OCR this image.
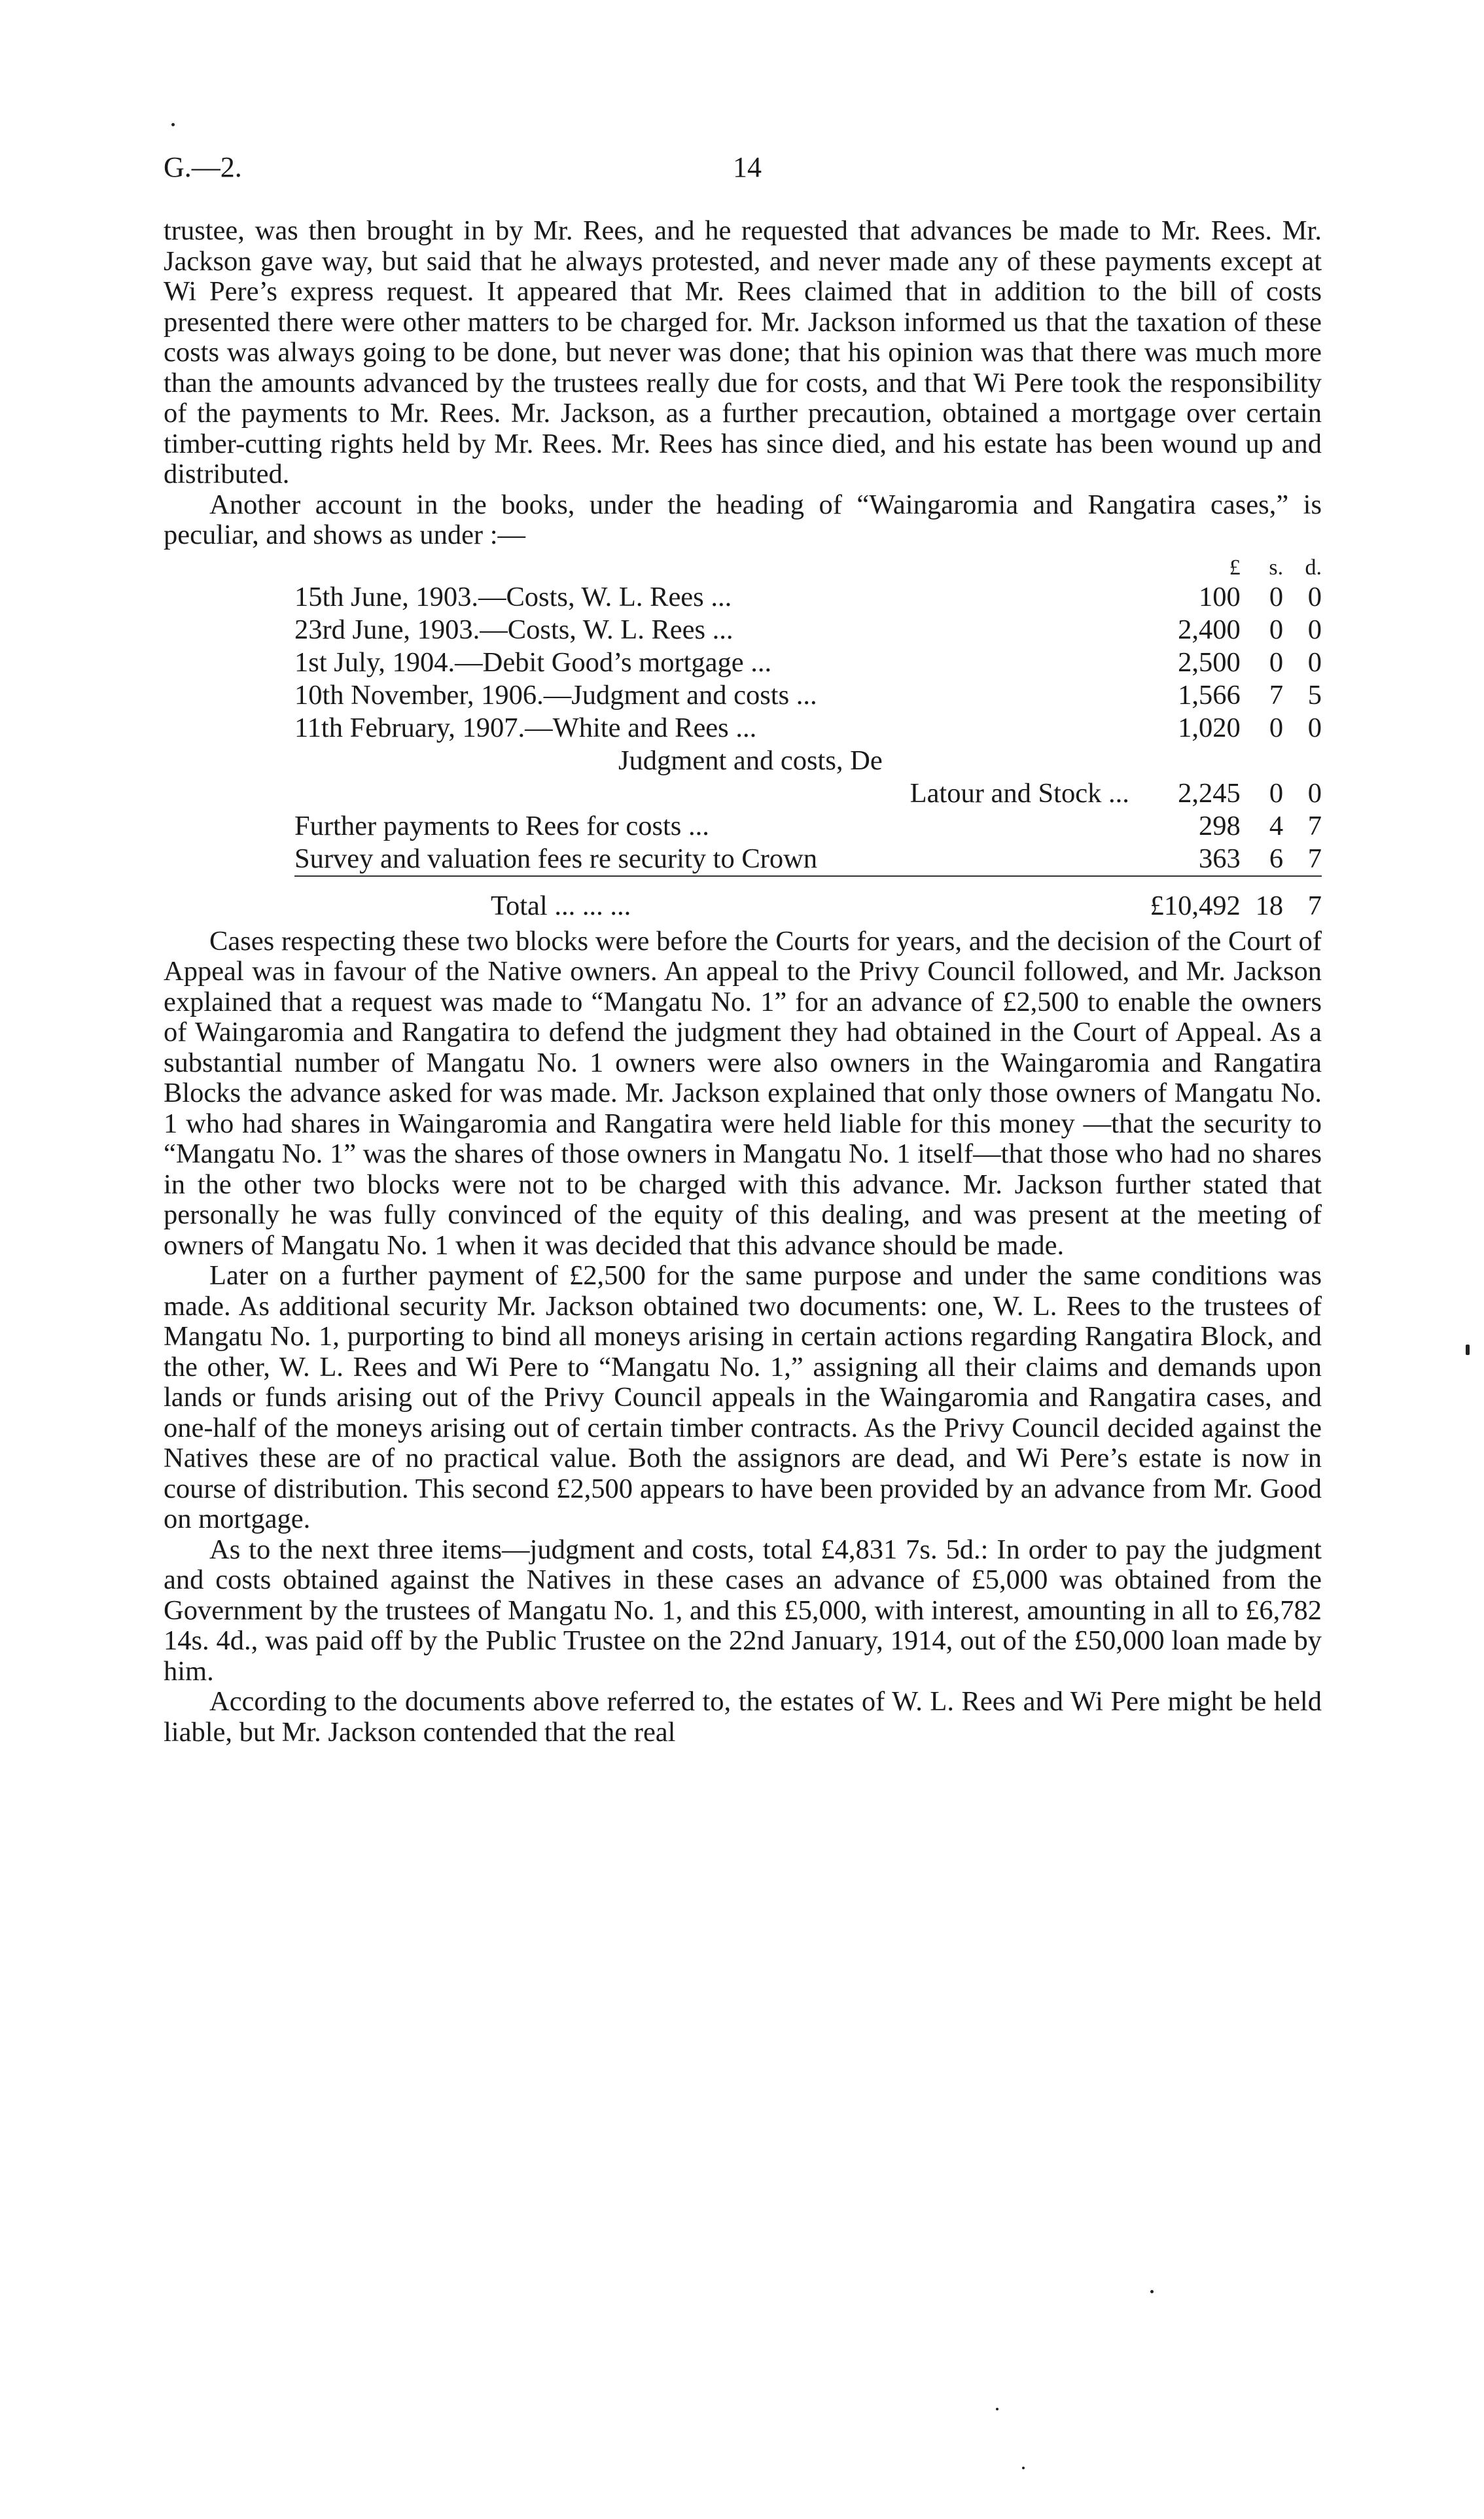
G.—2.	14

trustee, was then brought in by Mr. Rees, and he requested that advances be made to Mr. Rees. Mr. Jackson gave way, but said that he always protested, and never made any of these payments except at Wi Pere’s express request. It appeared that Mr. Rees claimed that in addition to the bill of costs presented there were other matters to be charged for. Mr. Jackson informed us that the taxation of these costs was always going to be done, but never was done; that his opinion was that there was much more than the amounts advanced by the trustees really due for costs, and that Wi Pere took the responsibility of the payments to Mr. Rees. Mr. Jackson, as a further precaution, obtained a mortgage over certain timber-cutting rights held by Mr. Rees. Mr. Rees has since died, and his estate has been wound up and distributed.

Another account in the books, under the heading of “Waingaromia and Rangatira cases,” is peculiar, and shows as under :—

	£	s.	d.
15th June, 1903.—Costs, W. L. Rees ...	100	0	0
23rd June, 1903.—Costs, W. L. Rees ...	2,400	0	0
1st July, 1904.—Debit Good’s mortgage ...	2,500	0	0
10th November, 1906.—Judgment and costs ...	1,566	7	5
11th February, 1907.—White and Rees ...	1,020	0	0
Judgment and costs, De			
Latour and Stock ...	2,245	0	0
Further payments to Rees for costs ...	298	4	7
Survey and valuation fees re security to Crown	363	6	7
Total ... ... ...	£10,492	18	7

Cases respecting these two blocks were before the Courts for years, and the decision of the Court of Appeal was in favour of the Native owners. An appeal to the Privy Council followed, and Mr. Jackson explained that a request was made to “Mangatu No. 1” for an advance of £2,500 to enable the owners of Waingaromia and Rangatira to defend the judgment they had obtained in the Court of Appeal. As a substantial number of Mangatu No. 1 owners were also owners in the Waingaromia and Rangatira Blocks the advance asked for was made. Mr. Jackson explained that only those owners of Mangatu No. 1 who had shares in Waingaromia and Rangatira were held liable for this money —that the security to “Mangatu No. 1” was the shares of those owners in Mangatu No. 1 itself—that those who had no shares in the other two blocks were not to be charged with this advance. Mr. Jackson further stated that personally he was fully convinced of the equity of this dealing, and was present at the meeting of owners of Mangatu No. 1 when it was decided that this advance should be made.

Later on a further payment of £2,500 for the same purpose and under the same conditions was made. As additional security Mr. Jackson obtained two documents: one, W. L. Rees to the trustees of Mangatu No. 1, purporting to bind all moneys arising in certain actions regarding Rangatira Block, and the other, W. L. Rees and Wi Pere to “Mangatu No. 1,” assigning all their claims and demands upon lands or funds arising out of the Privy Council appeals in the Waingaromia and Rangatira cases, and one-half of the moneys arising out of certain timber contracts. As the Privy Council decided against the Natives these are of no practical value. Both the assignors are dead, and Wi Pere’s estate is now in course of distribution. This second £2,500 appears to have been provided by an advance from Mr. Good on mortgage.

As to the next three items—judgment and costs, total £4,831 7s. 5d.: In order to pay the judgment and costs obtained against the Natives in these cases an advance of £5,000 was obtained from the Government by the trustees of Mangatu No. 1, and this £5,000, with interest, amounting in all to £6,782 14s. 4d., was paid off by the Public Trustee on the 22nd January, 1914, out of the £50,000 loan made by him.

According to the documents above referred to, the estates of W. L. Rees and Wi Pere might be held liable, but Mr. Jackson contended that the real
